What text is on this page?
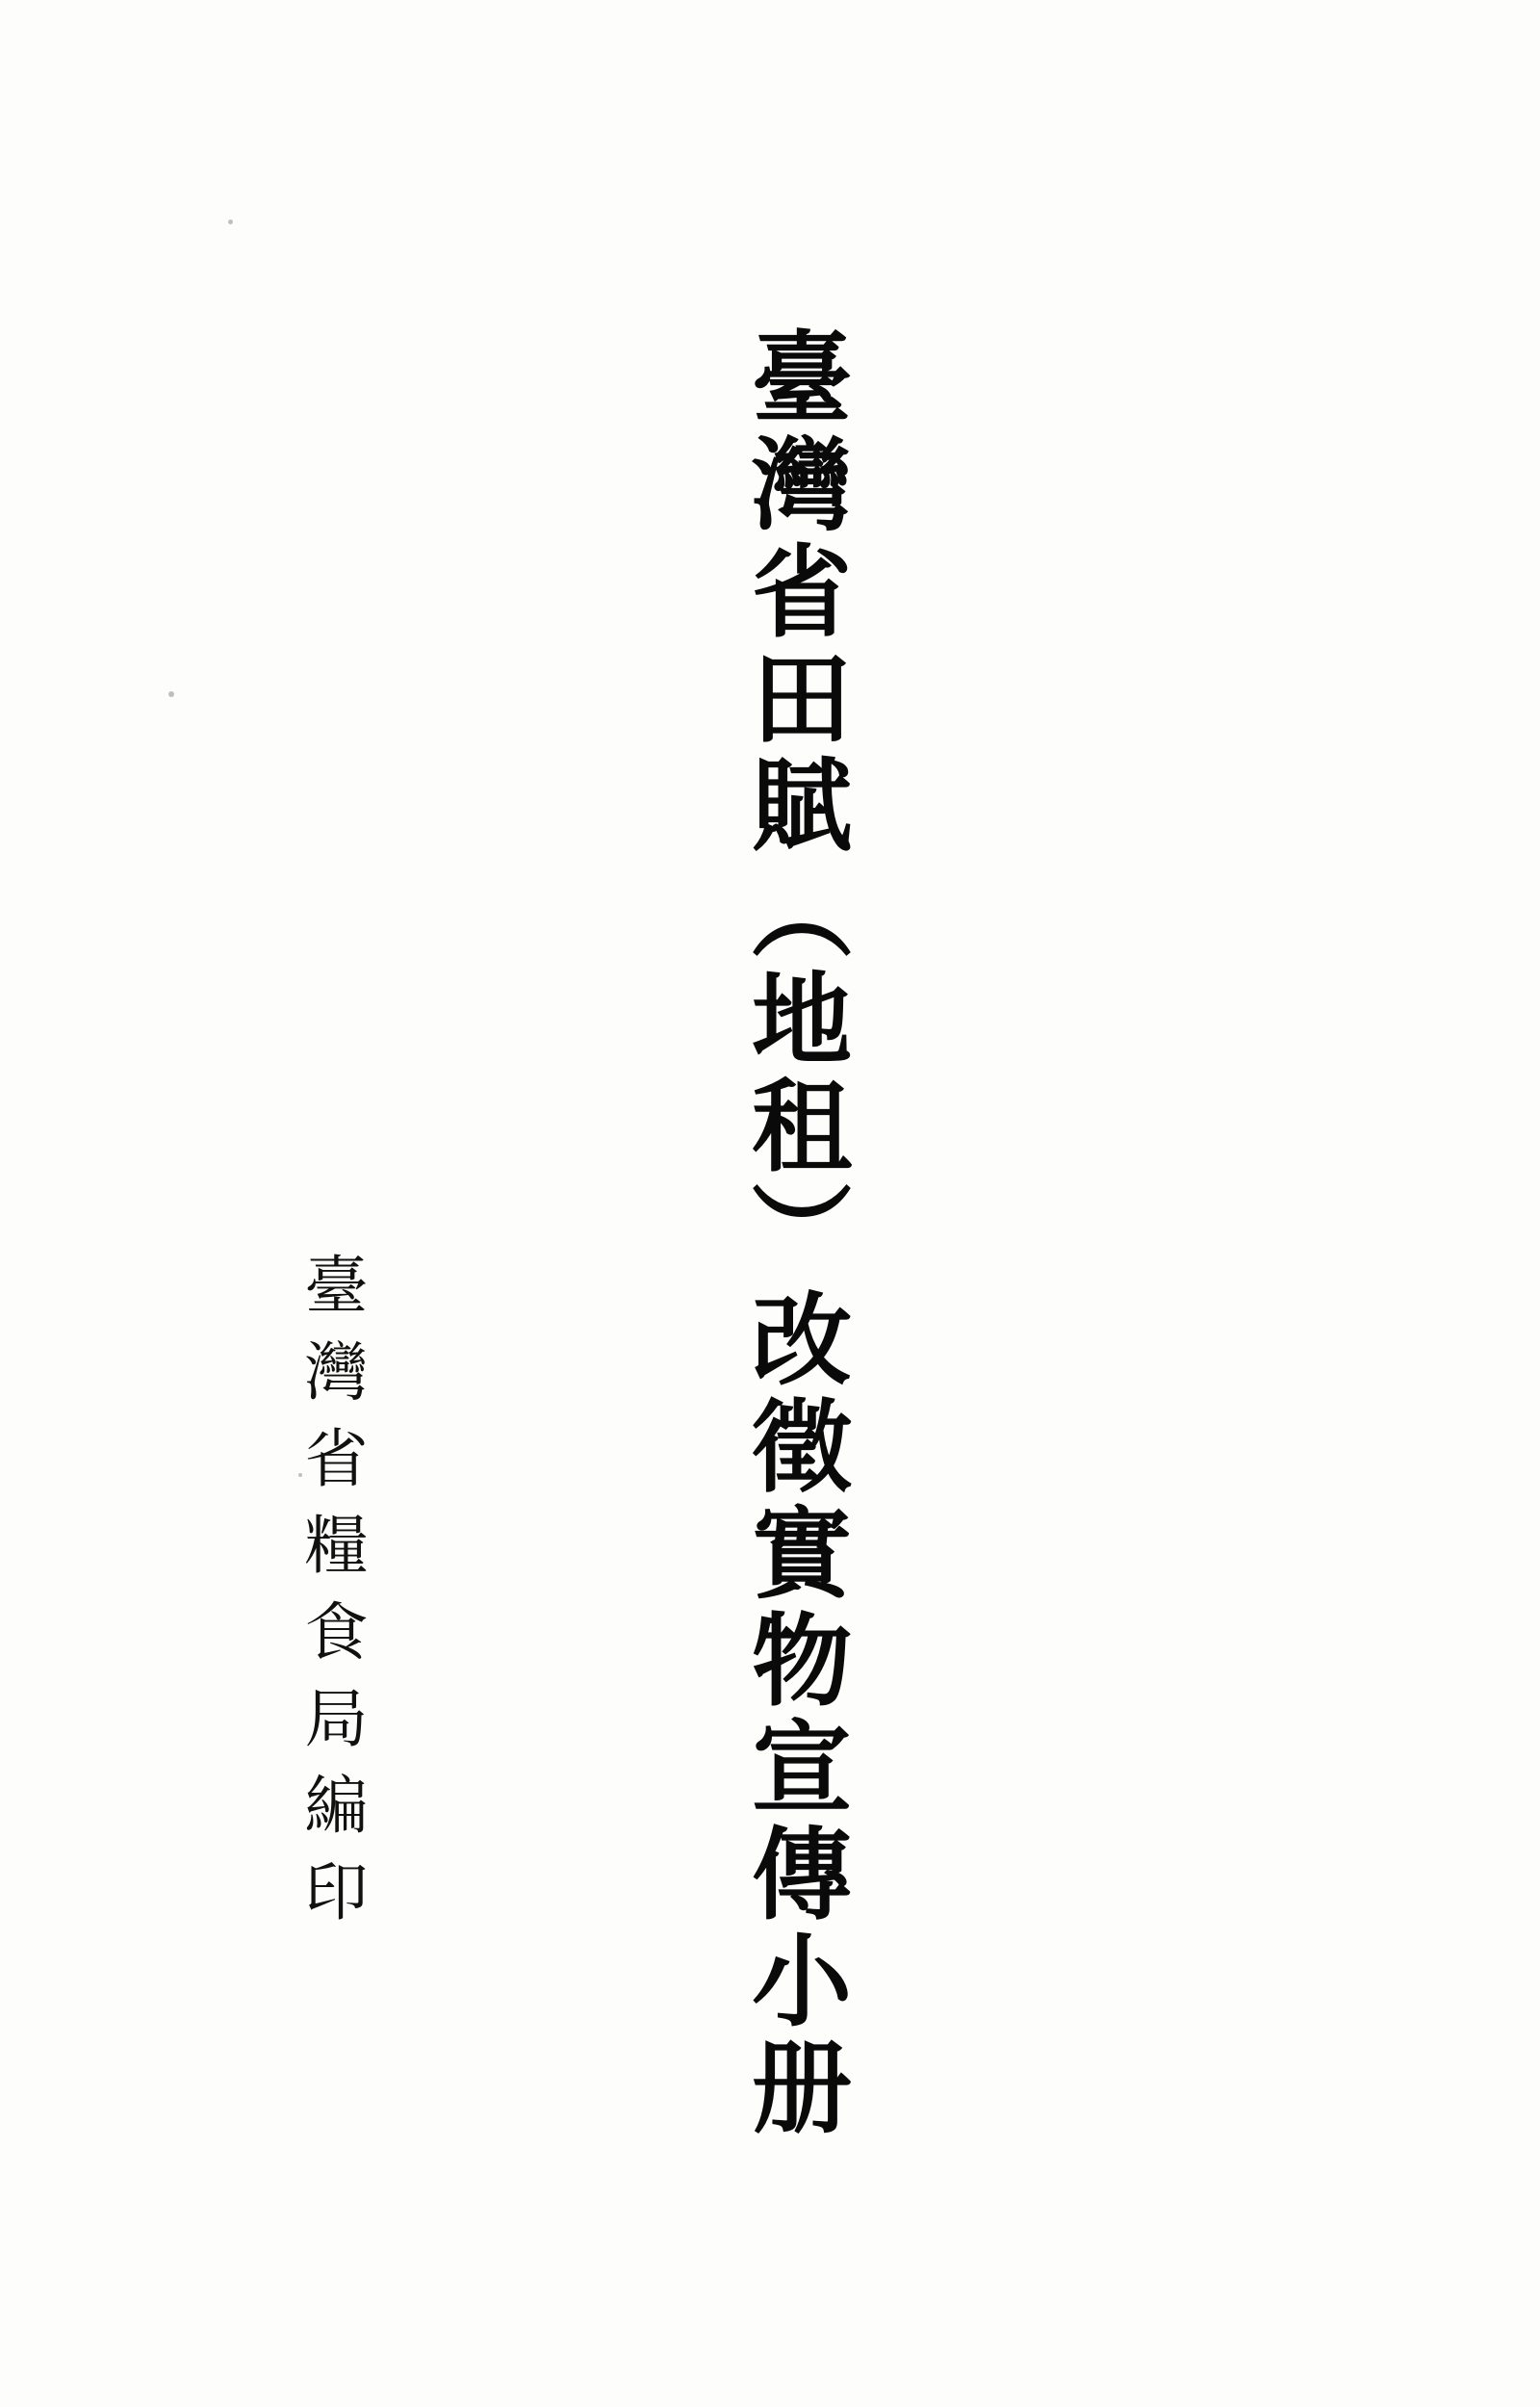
臺灣省田賦（地租）改徵實物宣傳小册
臺灣省糧食局編印
